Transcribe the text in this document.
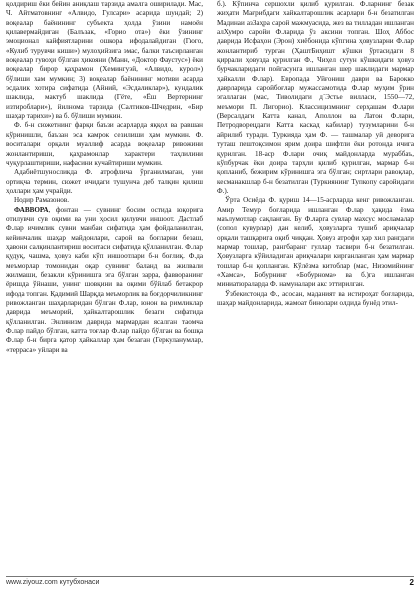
қолдириш ёки бейин аниқлаш тарзида амалга оширилади. Мас, Ч. Айтматовнинг «Алвидо, Гулсари» асарида шундай; 2) воқеалар баёнининг субъекта ҳолда ўзини намоён қилавермайдиган (Балъзак, «Горио ота») ёки ўзининг эмоционал кайфиятларини ошкора ифодалайдиган (Гюго, «Кулиб турувчи киши») мулоҳийзига эмас, балки таъсирланган воқеалар гувоҳи бўлган ҳикояни (Манн, «Доктор Фаустус») ёки воқеалар бирор қаҳрамон (Хемингуэй, «Алвидо, курол») бўлиши хам мумкин; 3) воқеалар баёнининг мотиви асарда эсдалик хотира сифатида (Айний, «Эсдаликлар»), кундалик шаклида, мактуб шаклида (Гёте, «Ёш Вертернинг изтироблари»), йилнома тарзида (Салтиков-Шчедрин, «Бир шаҳар тарихи») ва б. бўлиши мумкин.

Ф. б-н сюжетнинг фарқи баъзи асарларда яққол ва равшан кўринишли, баъзан эса камрок сезилиши ҳам мумкин. Ф. воситалари орқали муаллиф асарда воқеалар ривожини жонлантириши, қаҳрамонлар характери таҳлилини чуқурлаштириши, нафасини кучайтириши мумкин.

Адабиётшуносликда Ф. атрофлича ўрганилмаган, уни ортиқча термин, сюжет ичидаги тушунча деб талқин қилиш ҳоллари ҳам учрайди.

Нодир Рамазонов.

ФАВВОРА, фонтан — сувнинг босим остида юқорига отилувчи сув оқими ва уни ҳосил қилувчи иншоот. Дастлаб Ф.лар ичимлик сувни манбаи сифатида ҳам фойдаланилган, кейинчалик шаҳар майдонлари, сарой ва боғларни безаш, ҳавони салқинлантириш воситаси сифатида қўлланилган. Ф.лар қудуқ, чашма, ҳовуз каби кўп иншоотлари б-н боғлиқ. Ф.да меъморлар томонидан оқар сувнинг баланд ва жилвали жилмаши, безакли кўринишга эга бўлган зарра, фавворанинг ёришда ўйнаши, унинг шовқини ва оқими бўйлаб бетакрор ифода топган. Қадимий Шарқда меъморлик ва боғдорчиликнинг ривожланган шаҳарларидан бўлган Ф.лар, юнон ва римликлар даврида меъморий, ҳайкалтарошлик безаги сифатида қўлланилган. Энлинизм даврида мармардан ясалган таомча Ф.лар пайдо бўлган, катта тоғлар Ф.лар пайдо бўлган ва бошқа Ф.лар б-н бирга қатор ҳайкаллар ҳам безаган (Геркуланумлар, «терраса» уйлари ва

б.). Кўпинча сершохли қилиб қурилган. Ф.ларнинг безак жиҳати Мағрибдаги хайкалтарошлик асарлари б-н безатилган Мадинаи азЗаҳра сарой мажмуасида, жез ва тилладан ишланган алХумро саройи Ф.ларида ўз аксини топган. Шоҳ Аббос даврида Исфаҳон (Эрон) хиёбонида кўпгина ҳовузларни Ф.лар жонлантириб турган (ҲаштБиҳишт кўшки ўртасидаги 8 қиррали ҳовузда қурилган Ф., Чиҳел сутун кўшкидаги ҳовуз бурчакларидаги пойгасунга ишланган шер шаклидаги мармар ҳайкалли Ф.лар). Европада Уйғониш даври ва Барокко даврларида саройбоғлар мужассамотида Ф.лар муҳим ўрин эгаллаган (мас, Тиволидаги д´Эстье вилласи, 1550—72, меъмори П. Лигорио). Классицизмнинг серҳашам Ф.лари (Версалдаги Катта канал, Аполлон ва Латон Ф.лари, Петродворецдаги Катта каскад кабилар) тузумларини б-н айрилиб туради. Туркияда ҳам Ф. — ташмалар уй деворига туташ пештоқсимон ярим доира шифтли ёки ротонда ичига қурилган. 18-аср Ф.лари очиқ майдонларда мураббаъ, кўпбурчак ёки доира тарҳли қилиб қурилган, мармар б-н қопланиб, бежирим кўринишга эга бўлган; сиртлари равоқлар, кесманакшлар б-н безатилган (Туркиянинг Тупкопу саройидаги Ф.).

Ўрта Осиёда Ф. қуриш 14—15-асрларда кенг ривожланган. Амир Темур боғларида ишланган Ф.лар ҳақида ёзма маълумотлар сақланган. Бу Ф.ларга сувлар махсус мосламалар (сопол кувурлар) дан келиб, ҳовузларга тушиб ариқчалар орқали ташқарига оқиб чиққан. Ҳовуз атрофи ҳар хил рангдаги мармар тошлар, рангбаранг гуллар тасвири б-н безатилган. Ҳовузларга кўйиладиган ариқчалари кирганланган ҳам мармар тошлар б-н қопланган. Кўлёзма китоблар (мас, Низомийнинг «Хамса», Бобурнинг «Бобурнома» ва б.)га ишланган миниатюраларда Ф. намуналари акс эттирилган.

Ўзбекистонда Ф., асосан, маданият ва истироҳат боғларида, шаҳар майдонларида, жамоат бинолари олдида бунёд этил-

www.ziyouz.com кутубхонаси	2
